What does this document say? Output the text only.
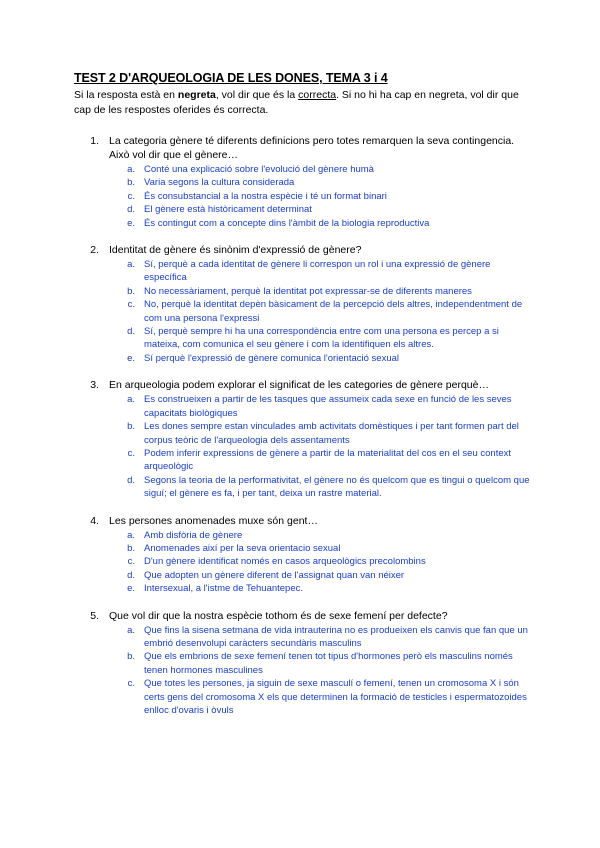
TEST 2 D'ARQUEOLOGIA DE LES DONES, TEMA 3 i 4

Si la resposta està en negreta, vol dir que és la correcta. Si no hi ha cap en negreta, vol dir que cap de les respostes oferides és correcta.

1. La categoria gènere té diferents definicions pero totes remarquen la seva contingencia. Això vol dir que el gènere…
a. Conté una explicació sobre l'evolució del gènere humà
b. Varia segons la cultura considerada
c. És consubstancial a la nostra espècie i té un format binari
d. El gènere està històricament determinat
e. És contingut com a concepte dins l'àmbit de la biologia reproductiva
2. Identitat de gènere és sinònim d'expressió de gènere?
a. Sí, perquè a cada identitat de gènere li correspon un rol i una expressió de gènere específica
b. No necessàriament, perquè la identitat pot expressar-se de diferents maneres
c. No, perquè la identitat depèn bàsicament de la percepció dels altres, independentment de com una persona l'expressi
d. Sí, perquè sempre hi ha una correspondència entre com una persona es percep a si mateixa, com comunica el seu gènere i com la identifiquen els altres.
e. Sí perquè l'expressió de gènere comunica l'orientació sexual
3. En arqueologia podem explorar el significat de les categories de gènere perquè…
a. Es construeixen a partir de les tasques que assumeix cada sexe en funció de les seves capacitats biològiques
b. Les dones sempre estan vinculades amb activitats domèstiques i per tant formen part del corpus teòric de l'arqueologia dels assentaments
c. Podem inferir expressions de gènere a partir de la materialitat del cos en el seu context arqueològic
d. Segons la teoria de la performativitat, el gènere no és quelcom que es tingui o quelcom que siguí; el gènere es fa, i per tant, deixa un rastre material.
4. Les persones anomenades muxe són gent…
a. Amb disfòria de gènere
b. Anomenades així per la seva orientacio sexual
c. D'un gènere identificat només en casos arqueològics precolombins
d. Que adopten un gènere diferent de l'assignat quan van néixer
e. Intersexual, a l'istme de Tehuantepec.
5. Que vol dir que la nostra espècie tothom és de sexe femení per defecte?
a. Que fins la sisena setmana de vida intrauterina no es produeixen els canvis que fan que un embrió desenvolupi caràcters secundàris masculins
b. Que els embrions de sexe femení tenen tot tipus d'hormones però els masculins només tenen hormones masculines
c. Que totes les persones, ja siguin de sexe masculí o femení, tenen un cromosoma X i són certs gens del cromosoma X els que determinen la formació de testicles i espermatozoides enlloc d'ovaris i òvuls
